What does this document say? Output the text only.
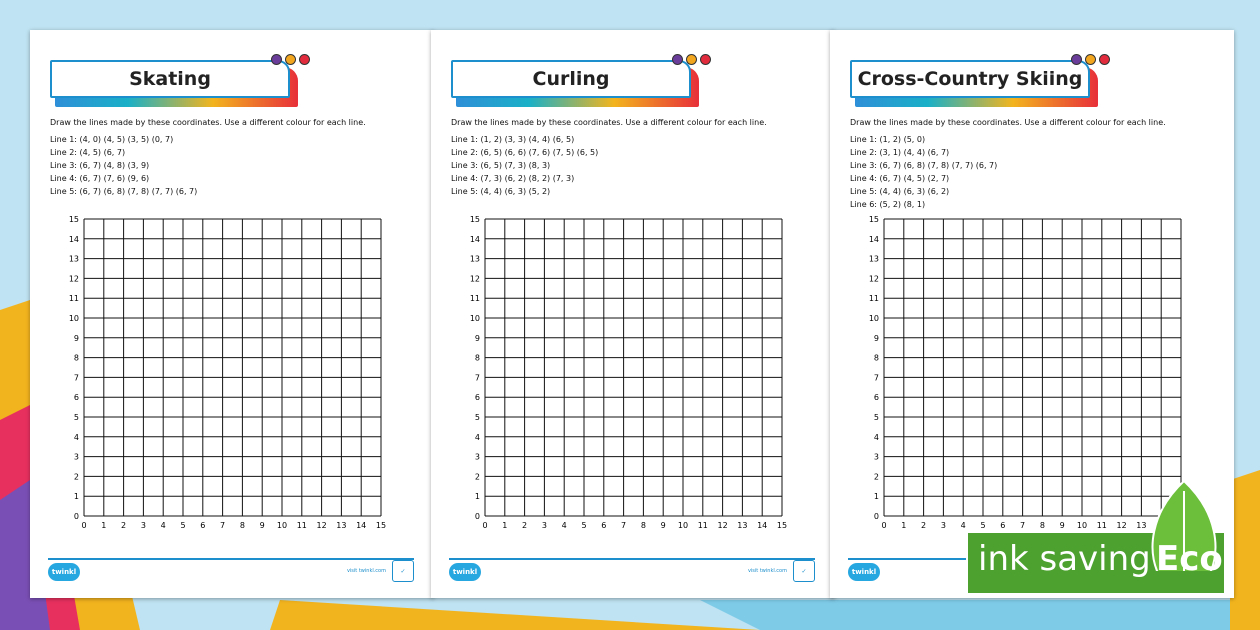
Skating
Draw the lines made by these coordinates. Use a different colour for each line.
Line 1: (4, 0) (4, 5) (3, 5) (0, 7)
Line 2: (4, 5) (6, 7)
Line 3: (6, 7) (4, 8) (3, 9)
Line 4: (6, 7) (7, 6) (9, 6)
Line 5: (6, 7) (6, 8) (7, 8) (7, 7) (6, 7)
15
14
13
12
11
10
9
8
7
6
5
4
3
2
1
0
0 1 2 3 4 5 6 7 8 9 10 11 12 13 14 15
twinkl	visit twinkl.com	✓
Curling
Draw the lines made by these coordinates. Use a different colour for each line.
Line 1: (1, 2) (3, 3) (4, 4) (6, 5)
Line 2: (6, 5) (6, 6) (7, 6) (7, 5) (6, 5)
Line 3: (6, 5) (7, 3) (8, 3)
Line 4: (7, 3) (6, 2) (8, 2) (7, 3)
Line 5: (4, 4) (6, 3) (5, 2)
15
14
13
12
11
10
9
8
7
6
5
4
3
2
1
0
0 1 2 3 4 5 6 7 8 9 10 11 12 13 14 15
twinkl	visit twinkl.com	✓
Cross-Country Skiing
Draw the lines made by these coordinates. Use a different colour for each line.
Line 1: (1, 2) (5, 0)
Line 2: (3, 1) (4, 4) (6, 7)
Line 3: (6, 7) (6, 8) (7, 8) (7, 7) (6, 7)
Line 4: (6, 7) (4, 5) (2, 7)
Line 5: (4, 4) (6, 3) (6, 2)
Line 6: (5, 2) (8, 1)
15
14
13
12
11
10
9
8
7
6
5
4
3
2
1
0
0 1 2 3 4 5 6 7 8 9 10 11 12 13
twinkl	ink saving Eco
